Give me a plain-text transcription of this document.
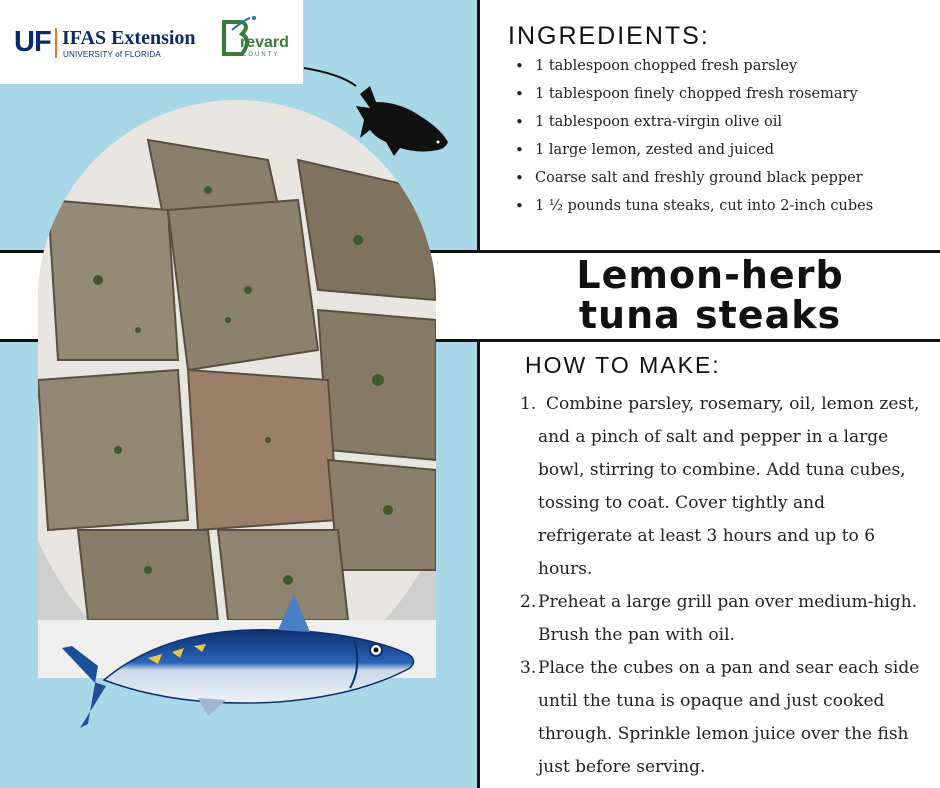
INGREDIENTS:
• 1 tablespoon chopped fresh parsley
• 1 tablespoon finely chopped fresh rosemary
• 1 tablespoon extra-virgin olive oil
• 1 large lemon, zested and juiced
• Coarse salt and freshly ground black pepper
• 1 ½ pounds tuna steaks, cut into 2-inch cubes
UF IFAS Extension
UNIVERSITY of FLORIDA
revard
COUNTY
Lemon-herb
tuna steaks
HOW TO MAKE:
1. Combine parsley, rosemary, oil, lemon zest, and a pinch of salt and pepper in a large bowl, stirring to combine. Add tuna cubes, tossing to coat. Cover tightly and refrigerate at least 3 hours and up to 6 hours.
2. Preheat a large grill pan over medium-high. Brush the pan with oil.
3. Place the cubes on a pan and sear each side until the tuna is opaque and just cooked through. Sprinkle lemon juice over the fish just before serving.
